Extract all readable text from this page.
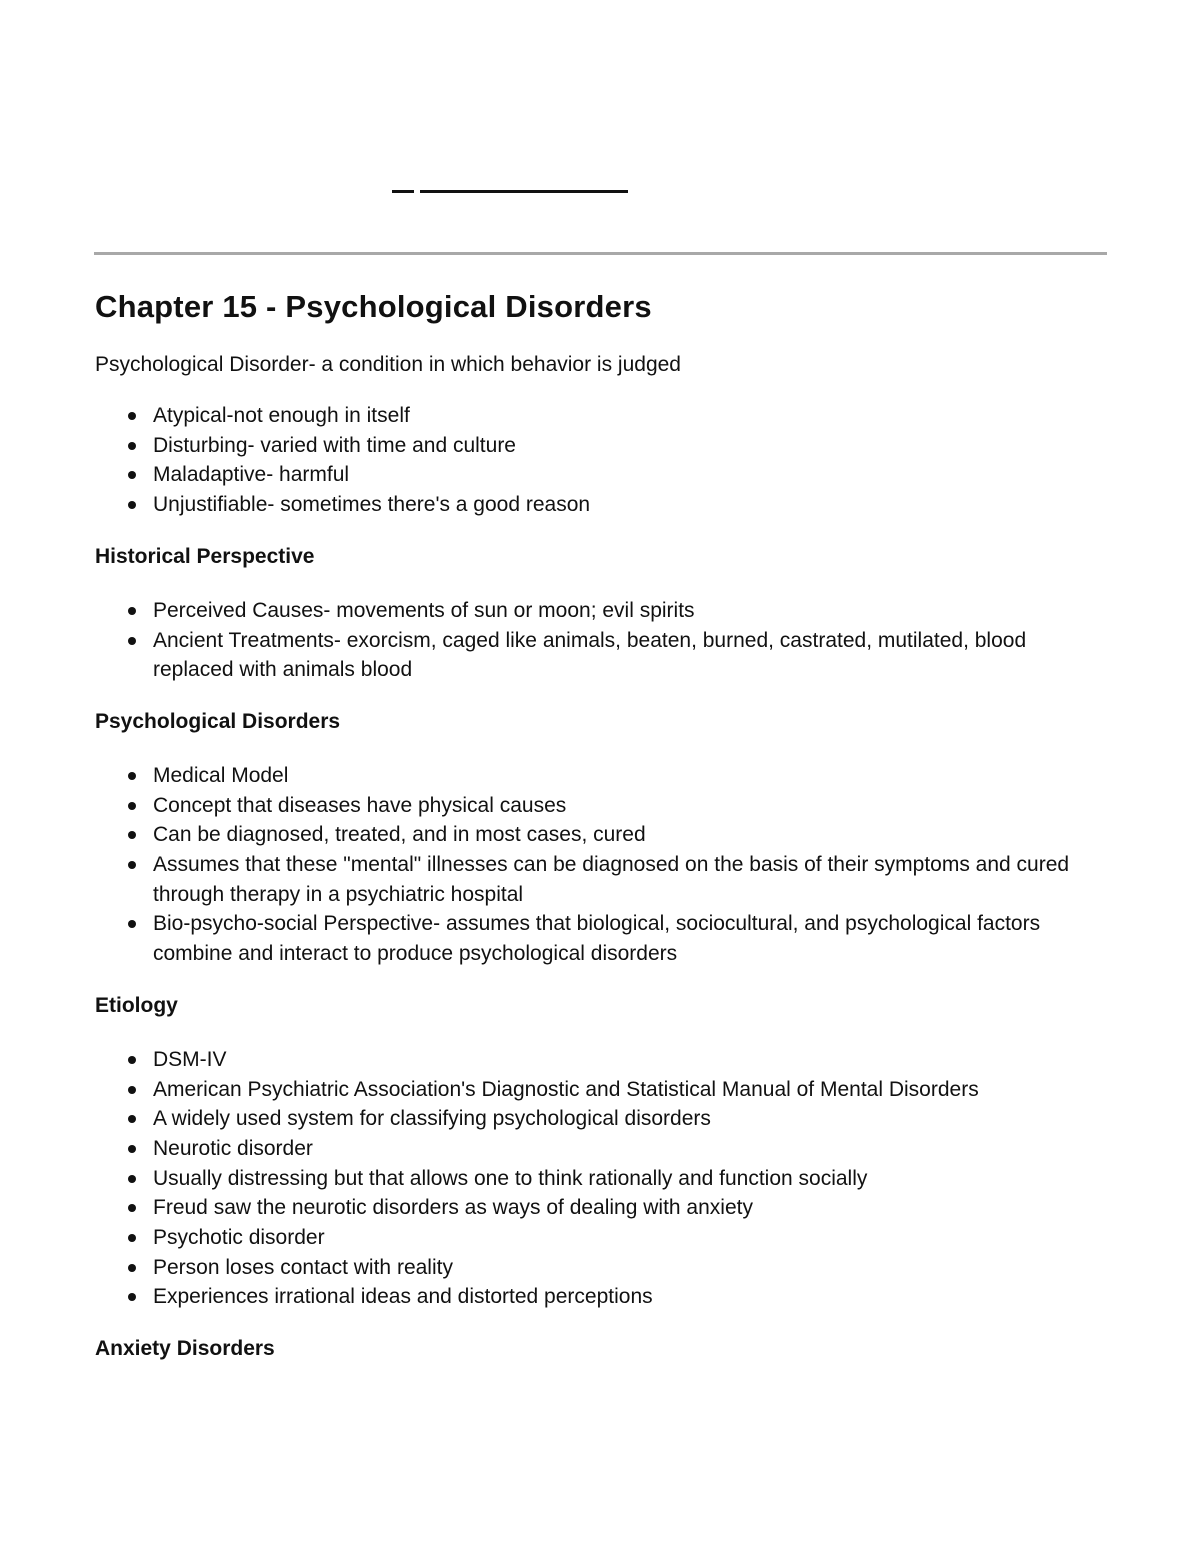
Chapter 15 - Psychological Disorders

Psychological Disorder- a condition in which behavior is judged

Atypical-not enough in itself
Disturbing- varied with time and culture
Maladaptive- harmful
Unjustifiable- sometimes there's a good reason
Historical Perspective
Perceived Causes- movements of sun or moon; evil spirits
Ancient Treatments- exorcism, caged like animals, beaten, burned, castrated, mutilated, blood replaced with animals blood
Psychological Disorders
Medical Model
Concept that diseases have physical causes
Can be diagnosed, treated, and in most cases, cured
Assumes that these "mental" illnesses can be diagnosed on the basis of their symptoms and cured through therapy in a psychiatric hospital
Bio-psycho-social Perspective- assumes that biological, sociocultural, and psychological factors combine and interact to produce psychological disorders
Etiology
DSM-IV
American Psychiatric Association's Diagnostic and Statistical Manual of Mental Disorders
A widely used system for classifying psychological disorders
Neurotic disorder
Usually distressing but that allows one to think rationally and function socially
Freud saw the neurotic disorders as ways of dealing with anxiety
Psychotic disorder
Person loses contact with reality
Experiences irrational ideas and distorted perceptions
Anxiety Disorders
